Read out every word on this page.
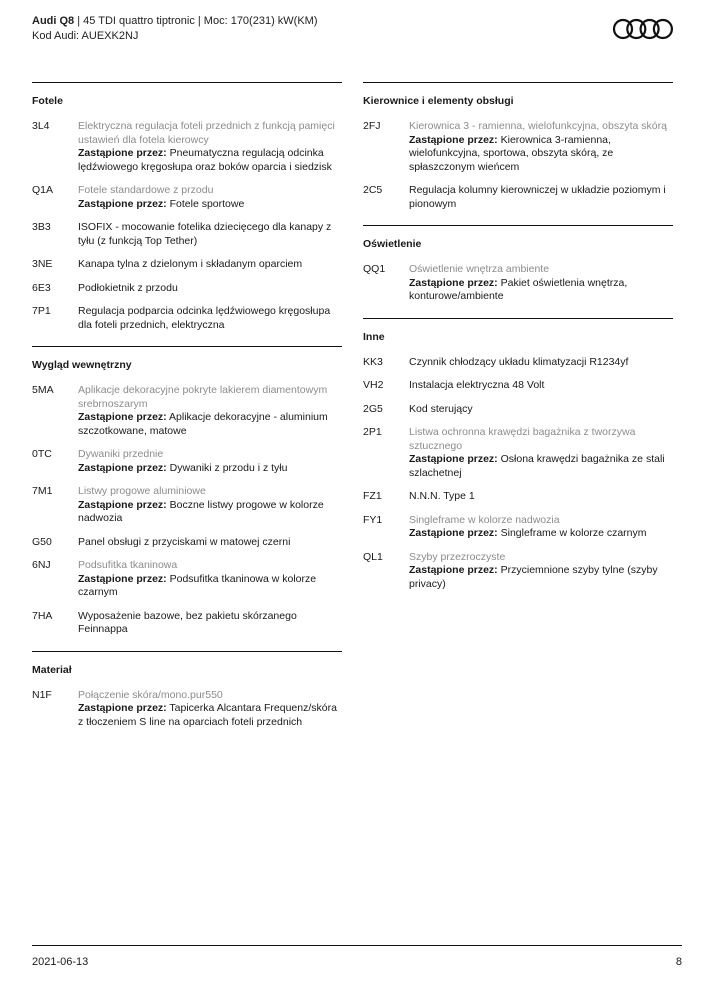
Audi Q8 | 45 TDI quattro tiptronic | Moc: 170(231) kW(KM)
Kod Audi: AUEXK2NJ
Fotele
3L4	Elektryczna regulacja foteli przednich z funkcją pamięci ustawień dla fotela kierowcy
Zastąpione przez: Pneumatyczna regulacją odcinka lędźwiowego kręgosłupa oraz boków oparcia i siedzisk
Q1A	Fotele standardowe z przodu
Zastąpione przez: Fotele sportowe
3B3	ISOFIX - mocowanie fotelika dziecięcego dla kanapy z tyłu (z funkcją Top Tether)
3NE	Kanapa tylna z dzielonym i składanym oparciem
6E3	Podłokietnik z przodu
7P1	Regulacja podparcia odcinka lędźwiowego kręgosłupa dla foteli przednich, elektryczna
Wygląd wewnętrzny
5MA	Aplikacje dekoracyjne pokryte lakierem diamentowym srebrnoszarym
Zastąpione przez: Aplikacje dekoracyjne - aluminium szczotkowane, matowe
0TC	Dywaniki przednie
Zastąpione przez: Dywaniki z przodu i z tyłu
7M1	Listwy progowe aluminiowe
Zastąpione przez: Boczne listwy progowe w kolorze nadwozia
G50	Panel obsługi z przyciskami w matowej czerni
6NJ	Podsufitka tkaninowa
Zastąpione przez: Podsufitka tkaninowa w kolorze czarnym
7HA	Wyposażenie bazowe, bez pakietu skórzanego Feinnappa
Materiał
N1F	Połączenie skóra/mono.pur550
Zastąpione przez: Tapicerka Alcantara Frequenz/skóra z tłoczeniem S line na oparciach foteli przednich
Kierownice i elementy obsługi
2FJ	Kierownica 3 - ramienna, wielofunkcyjna, obszyta skórą
Zastąpione przez: Kierownica 3-ramienna, wielofunkcyjna, sportowa, obszyta skórą, ze spłaszczonym wieńcem
2C5	Regulacja kolumny kierowniczej w układzie poziomym i pionowym
Oświetlenie
QQ1	Oświetlenie wnętrza ambiente
Zastąpione przez: Pakiet oświetlenia wnętrza, konturowe/ambiente
Inne
KK3	Czynnik chłodzący układu klimatyzacji R1234yf
VH2	Instalacja elektryczna 48 Volt
2G5	Kod sterujący
2P1	Listwa ochronna krawędzi bagażnika z tworzywa sztucznego
Zastąpione przez: Osłona krawędzi bagażnika ze stali szlachetnej
FZ1	N.N.N. Type 1
FY1	Singleframe w kolorze nadwozia
Zastąpione przez: Singleframe w kolorze czarnym
QL1	Szyby przezroczyste
Zastąpione przez: Przyciemnione szyby tylne (szyby privacy)
2021-06-13	8
